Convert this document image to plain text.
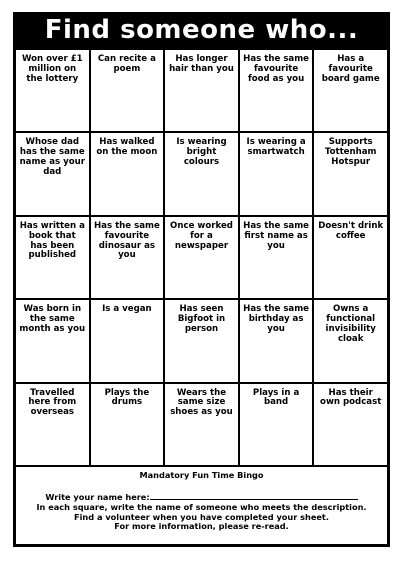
Find someone who...
Won over £1 million on the lottery
Can recite a poem
Has longer hair than you
Has the same favourite food as you
Has a favourite board game
Whose dad has the same name as your dad
Has walked on the moon
Is wearing bright colours
Is wearing a smartwatch
Supports Tottenham Hotspur
Has written a book that has been published
Has the same favourite dinosaur as you
Once worked for a newspaper
Has the same first name as you
Doesn't drink coffee
Was born in the same month as you
Is a vegan	Has seen Bigfoot in person
Has the same birthday as you
Owns a functional invisibility cloak
Travelled here from overseas
Plays the drums
Wears the same size shoes as you
Plays in a band
Has their own podcast
Mandatory Fun Time Bingo
Write your name here:
In each square, write the name of someone who meets the description.
Find a volunteer when you have completed your sheet.
For more information, please re-read.
